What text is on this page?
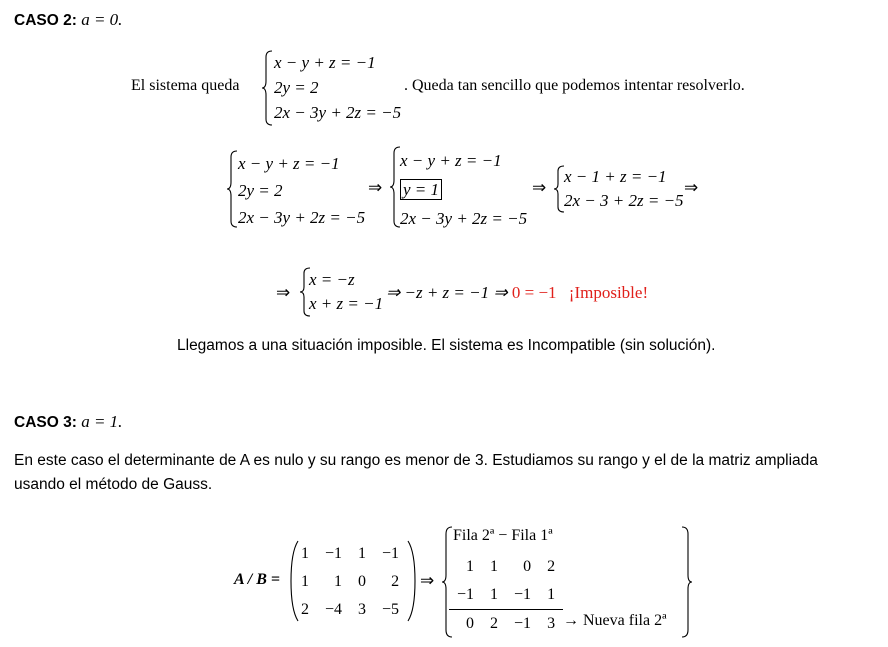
CASO 2: a = 0.
El sistema queda
x − y + z = −1
2y = 2
2x − 3y + 2z = −5
. Queda tan sencillo que podemos intentar resolverlo.
x − y + z = −1
2y = 2
2x − 3y + 2z = −5
⇒
x − y + z = −1
y = 1
2x − 3y + 2z = −5
⇒
x − 1 + z = −1
2x − 3 + 2z = −5
⇒
⇒
x = −z
x + z = −1
⇒ −z + z = −1 ⇒ 0 = −1 ¡Imposible!
Llegamos a una situación imposible. El sistema es Incompatible (sin solución).
CASO 3: a = 1.
En este caso el determinante de A es nulo y su rango es menor de 3. Estudiamos su rango y el de la matriz ampliada
usando el método de Gauss.
A / B =
1	−1	1	−1
1	1	0	2
2	−4	3	−5
⇒
Fila 2ª − Fila 1ª
1	1	0	2
−1	1	−1	1
0	2	−1	3 → Nueva fila 2ª
